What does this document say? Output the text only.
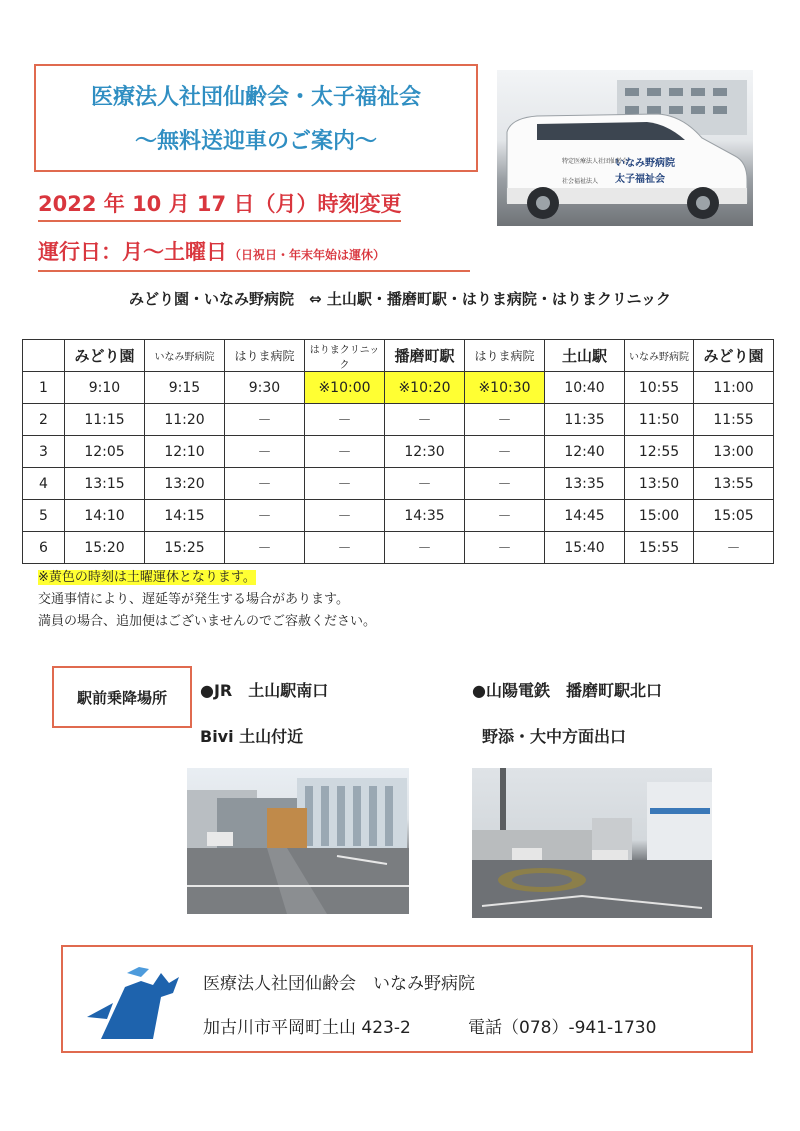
医療法人社団仙齢会・太子福祉会
～無料送迎車のご案内～
特定医療法人社団仙齢会
社会福祉法人
いなみ野病院
太子福祉会
2022 年 10 月 17 日（月）時刻変更
運行日：月～土曜日 （日祝日・年末年始は運休）
みどり園・いなみ野病院　⇔ 土山駅・播磨町駅・はりま病院・はりまクリニック
	みどり園	いなみ野病院	はりま病院	はりまクリニック	播磨町駅	はりま病院	土山駅	いなみ野病院	みどり園
1	9:10	9:15	9:30	※10:00	※10:20	※10:30	10:40	10:55	11:00
2	11:15	11:20	－	－	－	－	11:35	11:50	11:55
3	12:05	12:10	－	－	12:30	－	12:40	12:55	13:00
4	13:15	13:20	－	－	－	－	13:35	13:50	13:55
5	14:10	14:15	－	－	14:35	－	14:45	15:00	15:05
6	15:20	15:25	－	－	－	－	15:40	15:55	－
※黄色の時刻は土曜運休となります。
交通事情により、遅延等が発生する場合があります。
満員の場合、追加便はございませんのでご容赦ください。
駅前乗降場所 ●JR　土山駅南口
Bivi 土山付近
●山陽電鉄　播磨町駅北口
野添・大中方面出口
医療法人社団仙齢会　いなみ野病院
加古川市平岡町土山 423-2	電話（078）-941-1730
